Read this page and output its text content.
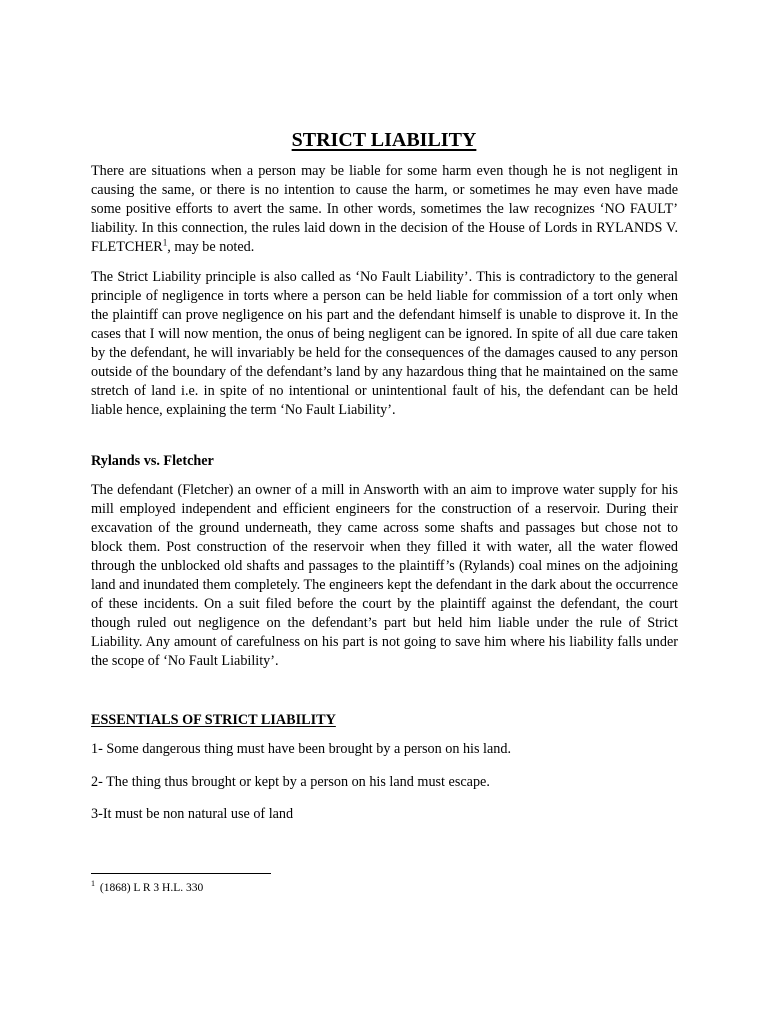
STRICT LIABILITY

There are situations when a person may be liable for some harm even though he is not negligent in causing the same, or there is no intention to cause the harm, or sometimes he may even have made some positive efforts to avert the same. In other words, sometimes the law recognizes ‘NO FAULT’ liability. In this connection, the rules laid down in the decision of the House of Lords in RYLANDS V. FLETCHER$^1$, may be noted.

The Strict Liability principle is also called as ‘No Fault Liability’. This is contradictory to the general principle of negligence in torts where a person can be held liable for commission of a tort only when the plaintiff can prove negligence on his part and the defendant himself is unable to disprove it. In the cases that I will now mention, the onus of being negligent can be ignored. In spite of all due care taken by the defendant, he will invariably be held for the consequences of the damages caused to any person outside of the boundary of the defendant’s land by any hazardous thing that he maintained on the same stretch of land i.e. in spite of no intentional or unintentional fault of his, the defendant can be held liable hence, explaining the term ‘No Fault Liability’.

Rylands vs. Fletcher

The defendant (Fletcher) an owner of a mill in Answorth with an aim to improve water supply for his mill employed independent and efficient engineers for the construction of a reservoir. During their excavation of the ground underneath, they came across some shafts and passages but chose not to block them. Post construction of the reservoir when they filled it with water, all the water flowed through the unblocked old shafts and passages to the plaintiff’s (Rylands) coal mines on the adjoining land and inundated them completely. The engineers kept the defendant in the dark about the occurrence of these incidents. On a suit filed before the court by the plaintiff against the defendant, the court though ruled out negligence on the defendant’s part but held him liable under the rule of Strict Liability. Any amount of carefulness on his part is not going to save him where his liability falls under the scope of ‘No Fault Liability’.

ESSENTIALS OF STRICT LIABILITY
1- Some dangerous thing must have been brought by a person on his land.
2- The thing thus brought or kept by a person on his land must escape.
3-It must be non natural use of land
$^1$ (1868) L R 3 H.L. 330
